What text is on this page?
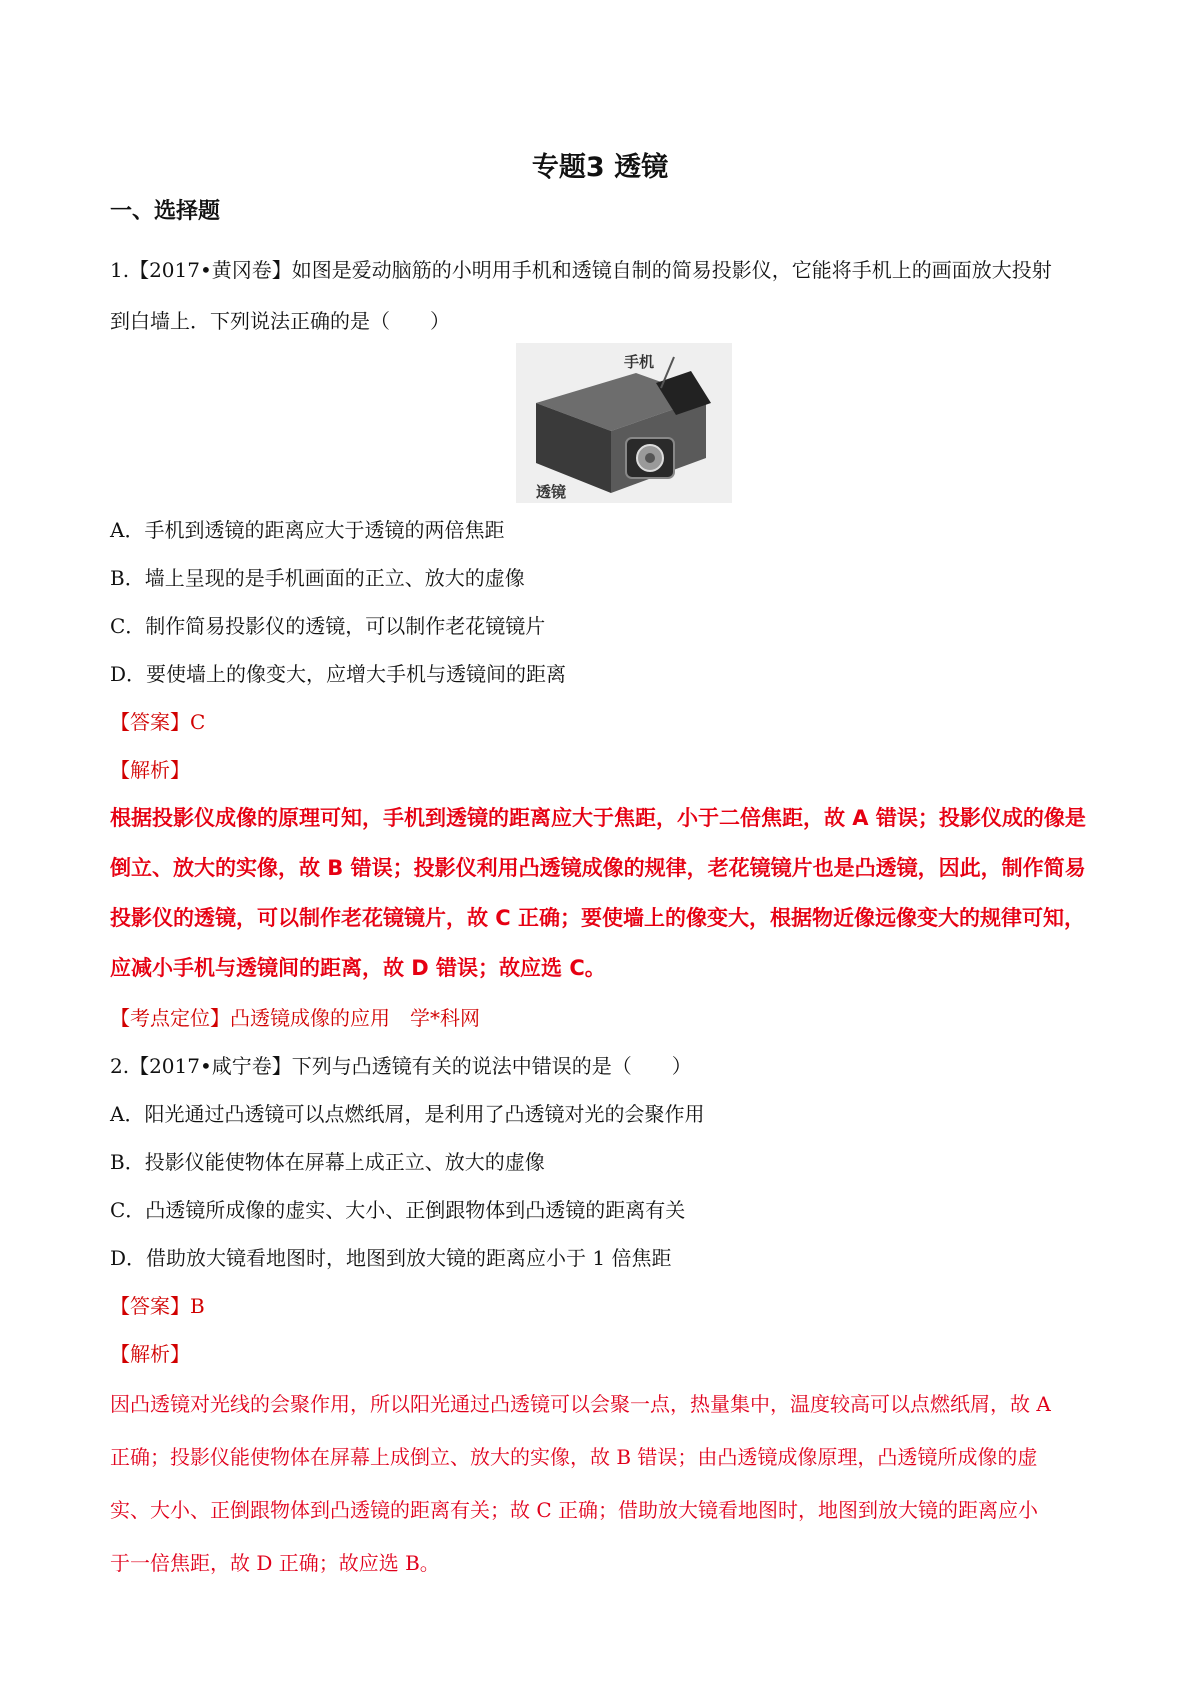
专题3 透镜
一、选择题
1.【2017•黄冈卷】如图是爱动脑筋的小明用手机和透镜自制的简易投影仪，它能将手机上的画面放大投射
到白墙上．下列说法正确的是（　　）
手机
透镜
A．手机到透镜的距离应大于透镜的两倍焦距
B．墙上呈现的是手机画面的正立、放大的虚像
C．制作简易投影仪的透镜，可以制作老花镜镜片
D．要使墙上的像变大，应增大手机与透镜间的距离
【答案】C
【解析】
根据投影仪成像的原理可知，手机到透镜的距离应大于焦距，小于二倍焦距，故 A 错误；投影仪成的像是
倒立、放大的实像，故 B 错误；投影仪利用凸透镜成像的规律，老花镜镜片也是凸透镜，因此，制作简易
投影仪的透镜，可以制作老花镜镜片，故 C 正确；要使墙上的像变大，根据物近像远像变大的规律可知，
应减小手机与透镜间的距离，故 D 错误；故应选 C。
【考点定位】凸透镜成像的应用　学*科网
2.【2017•咸宁卷】下列与凸透镜有关的说法中错误的是（　　）
A．阳光通过凸透镜可以点燃纸屑，是利用了凸透镜对光的会聚作用
B．投影仪能使物体在屏幕上成正立、放大的虚像
C．凸透镜所成像的虚实、大小、正倒跟物体到凸透镜的距离有关
D．借助放大镜看地图时，地图到放大镜的距离应小于 1 倍焦距
【答案】B
【解析】
因凸透镜对光线的会聚作用，所以阳光通过凸透镜可以会聚一点，热量集中，温度较高可以点燃纸屑，故 A
正确；投影仪能使物体在屏幕上成倒立、放大的实像，故 B 错误；由凸透镜成像原理，凸透镜所成像的虚
实、大小、正倒跟物体到凸透镜的距离有关；故 C 正确；借助放大镜看地图时，地图到放大镜的距离应小
于一倍焦距，故 D 正确；故应选 B。
